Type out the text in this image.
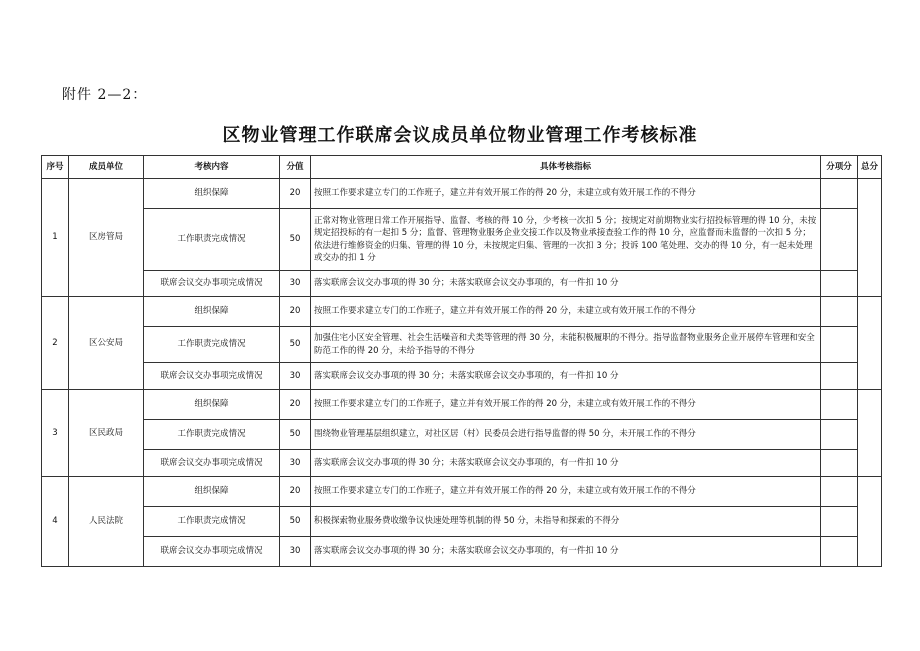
附件 2—2：
区物业管理工作联席会议成员单位物业管理工作考核标准
序号	成员单位	考核内容	分值	具体考核指标	分项分	总分
1	区房管局	组织保障	20	按照工作要求建立专门的工作班子，建立并有效开展工作的得 20 分，未建立或有效开展工作的不得分		
		工作职责完成情况	50	正常对物业管理日常工作开展指导、监督、考核的得 10 分，少考核一次扣 5 分；按规定对前期物业实行招投标管理的得 10 分，未按规定招投标的有一起扣 5 分；监督、管理物业服务企业交接工作以及物业承接查验工作的得 10 分，应监督而未监督的一次扣 5 分；依法进行维修资金的归集、管理的得 10 分，未按规定归集、管理的一次扣 3 分；投诉 100 笔处理、交办的得 10 分，有一起未处理或交办的扣 1 分		
		联席会议交办事项完成情况	30	落实联席会议交办事项的得 30 分；未落实联席会议交办事项的，有一件扣 10 分		
2	区公安局	组织保障	20	按照工作要求建立专门的工作班子，建立并有效开展工作的得 20 分，未建立或有效开展工作的不得分		
		工作职责完成情况	50	加强住宅小区安全管理、社会生活噪音和犬类等管理的得 30 分，未能积极履职的不得分。指导监督物业服务企业开展停车管理和安全防范工作的得 20 分，未给予指导的不得分		
		联席会议交办事项完成情况	30	落实联席会议交办事项的得 30 分；未落实联席会议交办事项的，有一件扣 10 分		
3	区民政局	组织保障	20	按照工作要求建立专门的工作班子，建立并有效开展工作的得 20 分，未建立或有效开展工作的不得分		
		工作职责完成情况	50	围绕物业管理基层组织建立，对社区居（村）民委员会进行指导监督的得 50 分，未开展工作的不得分		
		联席会议交办事项完成情况	30	落实联席会议交办事项的得 30 分；未落实联席会议交办事项的，有一件扣 10 分		
4	人民法院	组织保障	20	按照工作要求建立专门的工作班子，建立并有效开展工作的得 20 分，未建立或有效开展工作的不得分		
		工作职责完成情况	50	积极探索物业服务费收缴争议快速处理等机制的得 50 分，未指导和探索的不得分		
		联席会议交办事项完成情况	30	落实联席会议交办事项的得 30 分；未落实联席会议交办事项的，有一件扣 10 分		
